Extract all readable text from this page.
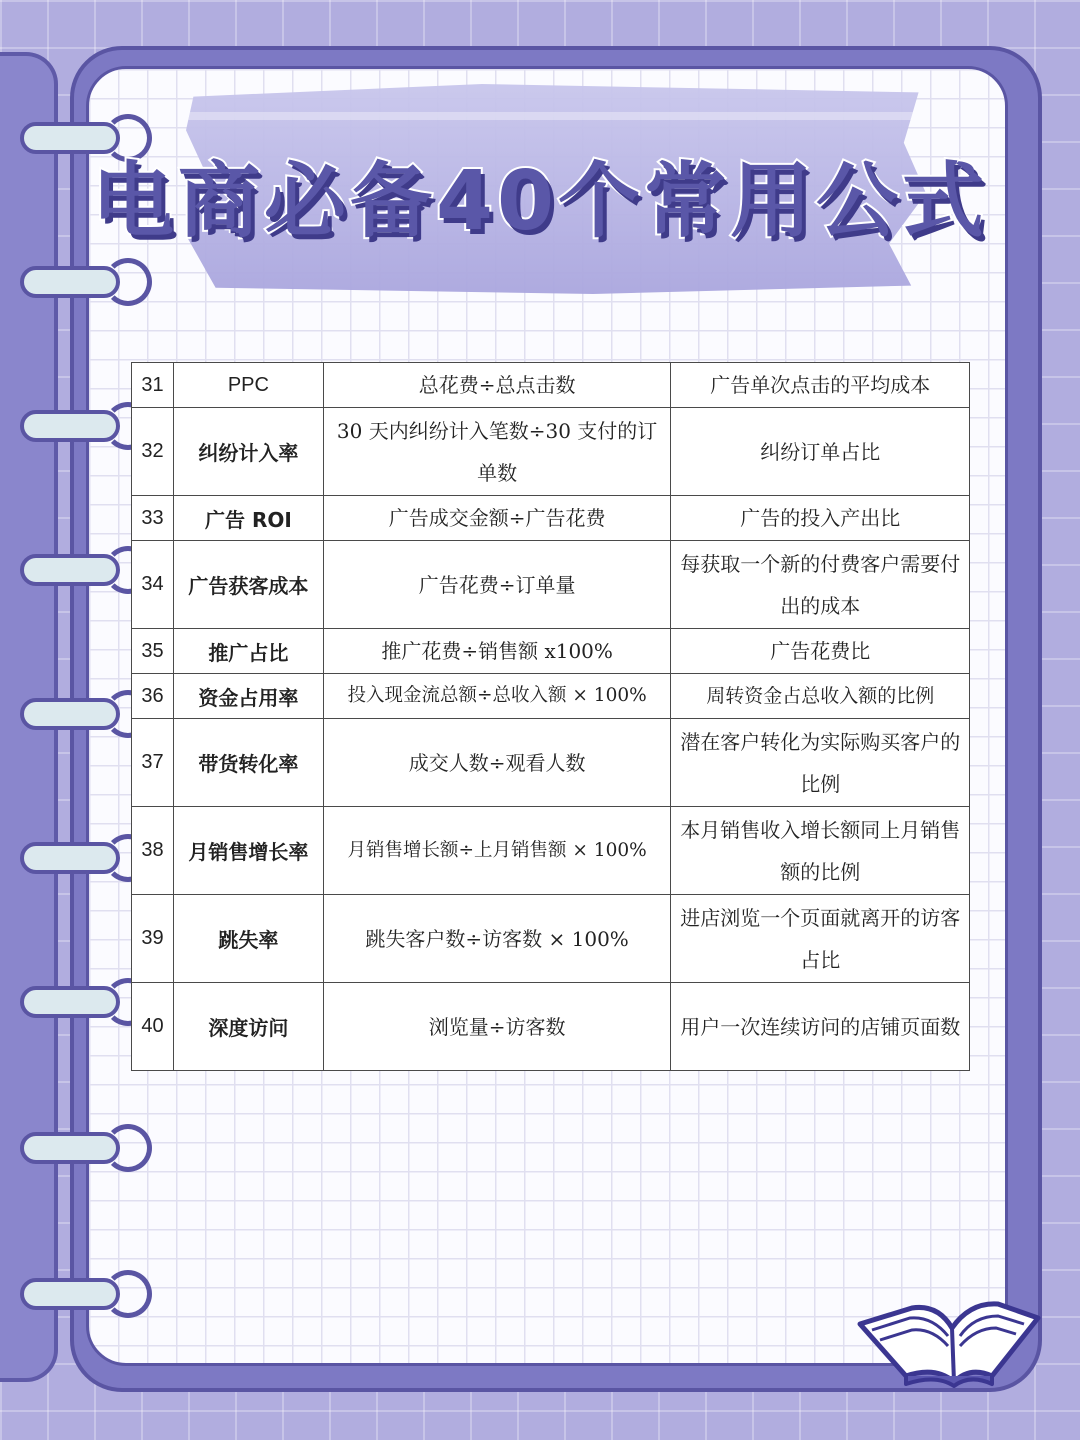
电商必备40个常用公式
31	PPC	总花费÷总点击数	广告单次点击的平均成本
32	纠纷计入率	30 天内纠纷计入笔数÷30 支付的订单数	纠纷订单占比
33	广告 ROI	广告成交金额÷广告花费	广告的投入产出比
34	广告获客成本	广告花费÷订单量	每获取一个新的付费客户需要付出的成本
35	推广占比	推广花费÷销售额 x100%	广告花费比
36	资金占用率	投入现金流总额÷总收入额 × 100%	周转资金占总收入额的比例
37	带货转化率	成交人数÷观看人数	潜在客户转化为实际购买客户的比例
38	月销售增长率	月销售增长额÷上月销售额 × 100%	本月销售收入增长额同上月销售额的比例
39	跳失率	跳失客户数÷访客数 × 100%	进店浏览一个页面就离开的访客占比
40	深度访问	浏览量÷访客数	用户一次连续访问的店铺页面数
